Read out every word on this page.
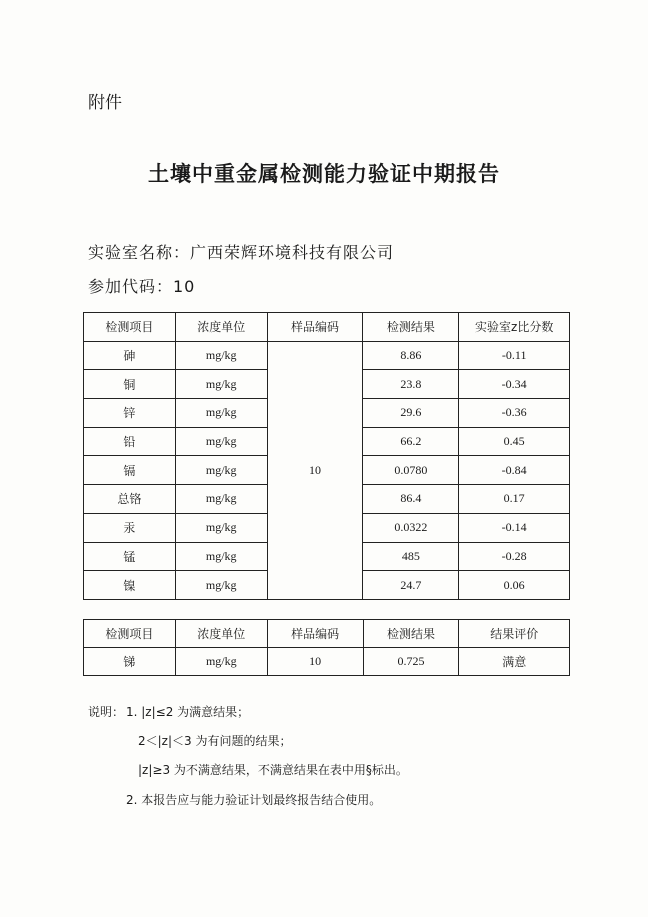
附件
土壤中重金属检测能力验证中期报告
实验室名称：广西荣辉环境科技有限公司
参加代码：10
检测项目	浓度单位	样品编码	检测结果	实验室z比分数
砷	mg/kg	10	8.86	-0.11
铜	mg/kg		23.8	-0.34
锌	mg/kg		29.6	-0.36
铅	mg/kg		66.2	0.45
镉	mg/kg		0.0780	-0.84
总铬	mg/kg		86.4	0.17
汞	mg/kg		0.0322	-0.14
锰	mg/kg		485	-0.28
镍	mg/kg		24.7	0.06
检测项目	浓度单位	样品编码	检测结果	结果评价
锑	mg/kg	10	0.725	满意
说明： 1. |z|≤2 为满意结果；
2＜|z|＜3 为有问题的结果；
|z|≥3 为不满意结果，不满意结果在表中用§标出。
2. 本报告应与能力验证计划最终报告结合使用。
